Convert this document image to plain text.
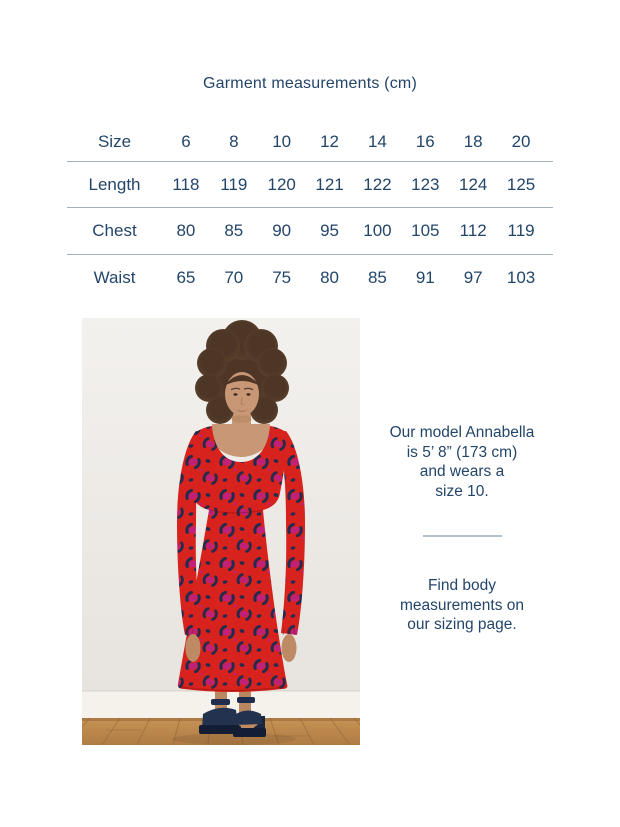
Garment measurements (cm)
Size	6	8	10	12	14	16	18	20
Length	118	119	120	121	122	123	124	125
Chest	80	85	90	95	100	105	112	119
Waist	65	70	75	80	85	91	97	103
Our model Annabella
is 5’ 8” (173 cm)
and wears a
size 10.
Find body
measurements on
our sizing page.
